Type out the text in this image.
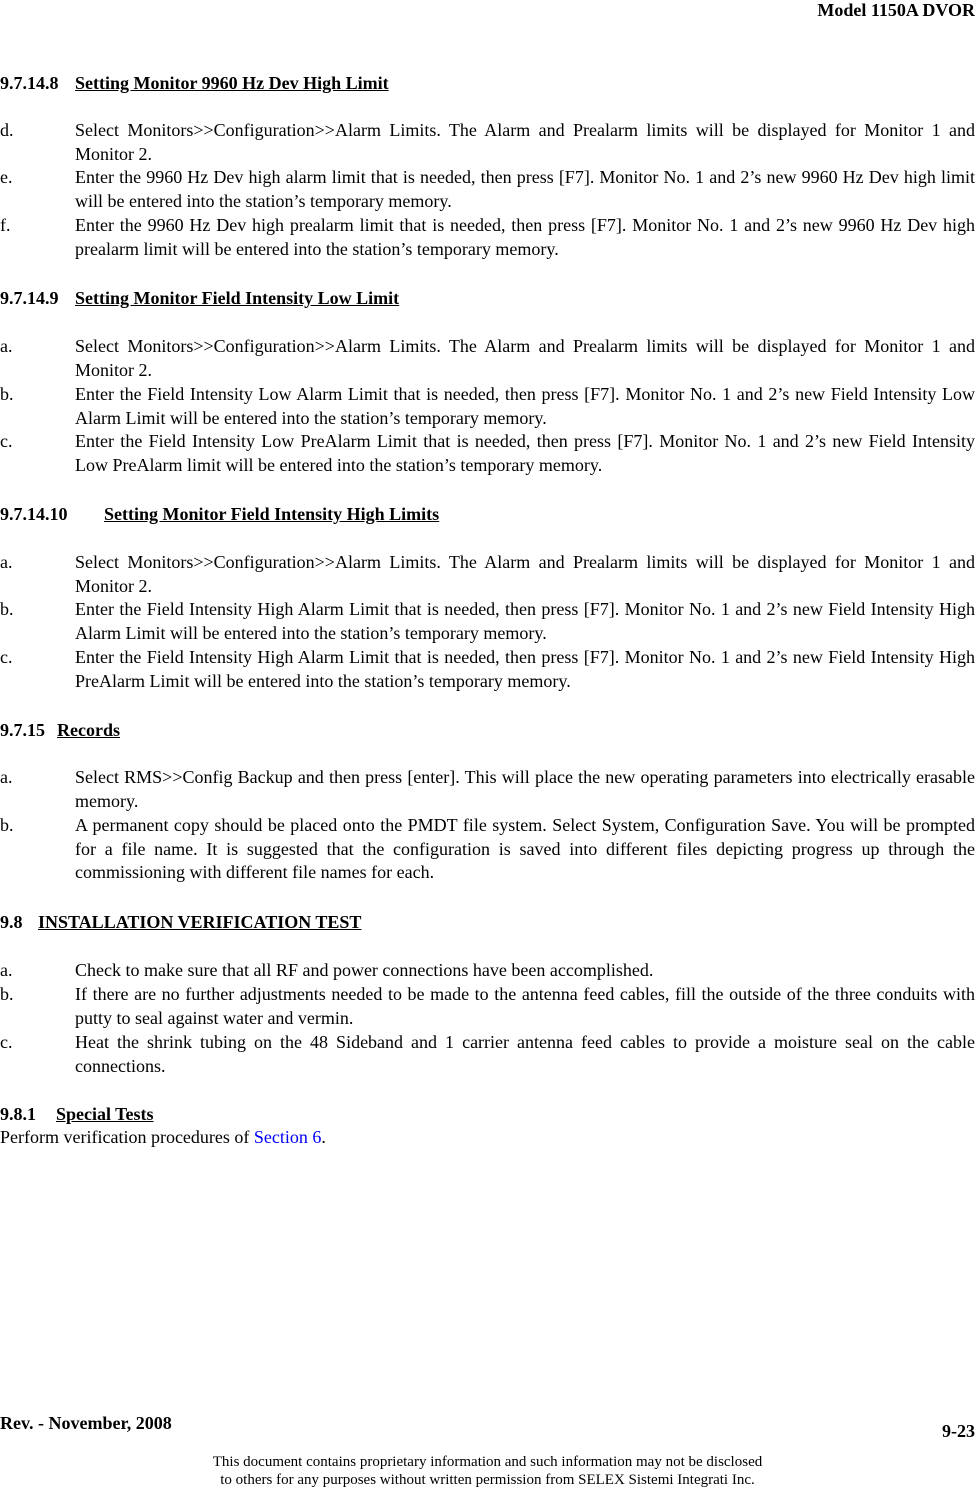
Model 1150A DVOR
9.7.14.8 Setting Monitor 9960 Hz Dev High Limit
d.	Select Monitors>>Configuration>>Alarm Limits. The Alarm and Prealarm limits will be displayed for Monitor 1 and Monitor 2.
e.	Enter the 9960 Hz Dev high alarm limit that is needed, then press [F7]. Monitor No. 1 and 2’s new 9960 Hz Dev high limit will be entered into the station’s temporary memory.
f.	Enter the 9960 Hz Dev high prealarm limit that is needed, then press [F7]. Monitor No. 1 and 2’s new 9960 Hz Dev high prealarm limit will be entered into the station’s temporary memory.
9.7.14.9 Setting Monitor Field Intensity Low Limit
a.	Select Monitors>>Configuration>>Alarm Limits. The Alarm and Prealarm limits will be displayed for Monitor 1 and Monitor 2.
b.	Enter the Field Intensity Low Alarm Limit that is needed, then press [F7]. Monitor No. 1 and 2’s new Field Intensity Low Alarm Limit will be entered into the station’s temporary memory.
c.	Enter the Field Intensity Low PreAlarm Limit that is needed, then press [F7]. Monitor No. 1 and 2’s new Field Intensity Low PreAlarm limit will be entered into the station’s temporary memory.
9.7.14.10 Setting Monitor Field Intensity High Limits
a.	Select Monitors>>Configuration>>Alarm Limits. The Alarm and Prealarm limits will be displayed for Monitor 1 and Monitor 2.
b.	Enter the Field Intensity High Alarm Limit that is needed, then press [F7]. Monitor No. 1 and 2’s new Field Intensity High Alarm Limit will be entered into the station’s temporary memory.
c.	Enter the Field Intensity High Alarm Limit that is needed, then press [F7]. Monitor No. 1 and 2’s new Field Intensity High PreAlarm Limit will be entered into the station’s temporary memory.
9.7.15 Records
a.	Select RMS>>Config Backup and then press [enter]. This will place the new operating parameters into electrically erasable memory.
b.	A permanent copy should be placed onto the PMDT file system. Select System, Configuration Save. You will be prompted for a file name. It is suggested that the configuration is saved into different files depicting progress up through the commissioning with different file names for each.
9.8 INSTALLATION VERIFICATION TEST
a.	Check to make sure that all RF and power connections have been accomplished.
b.	If there are no further adjustments needed to be made to the antenna feed cables, fill the outside of the three conduits with putty to seal against water and vermin.
c.	Heat the shrink tubing on the 48 Sideband and 1 carrier antenna feed cables to provide a moisture seal on the cable connections.
9.8.1 Special Tests
Perform verification procedures of Section 6.
Rev. - November, 2008	9-23
This document contains proprietary information and such information may not be disclosed
to others for any purposes without written permission from SELEX Sistemi Integrati Inc.
